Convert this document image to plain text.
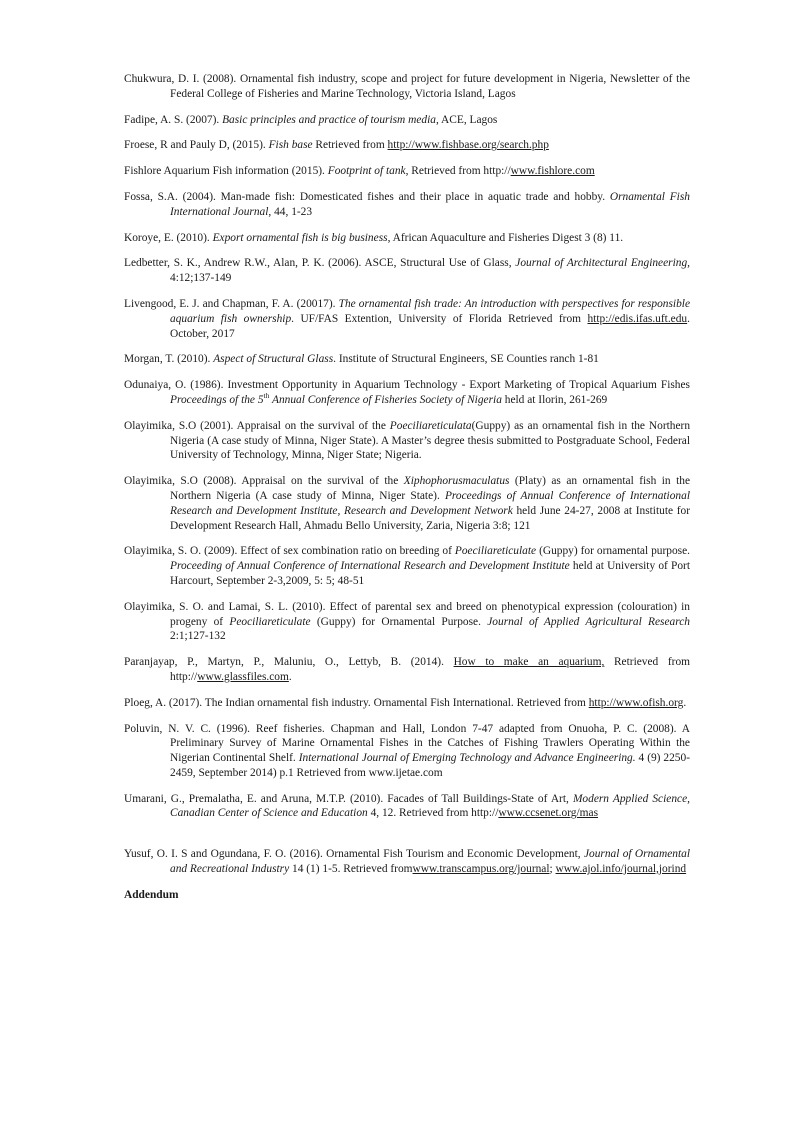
Chukwura, D. I. (2008). Ornamental fish industry, scope and project for future development in Nigeria, Newsletter of the Federal College of Fisheries and Marine Technology, Victoria Island, Lagos

Fadipe, A. S. (2007). Basic principles and practice of tourism media, ACE, Lagos

Froese, R and Pauly D, (2015). Fish base Retrieved from http://www.fishbase.org/search.php

Fishlore Aquarium Fish information (2015). Footprint of tank, Retrieved from http://www.fishlore.com

Fossa, S.A. (2004). Man-made fish: Domesticated fishes and their place in aquatic trade and hobby. Ornamental Fish International Journal, 44, 1-23

Koroye, E. (2010). Export ornamental fish is big business, African Aquaculture and Fisheries Digest 3 (8) 11.

Ledbetter, S. K., Andrew R.W., Alan, P. K. (2006). ASCE, Structural Use of Glass, Journal of Architectural Engineering, 4:12;137-149

Livengood, E. J. and Chapman, F. A. (20017). The ornamental fish trade: An introduction with perspectives for responsible aquarium fish ownership. UF/FAS Extention, University of Florida Retrieved from http://edis.ifas.uft.edu. October, 2017

Morgan, T. (2010). Aspect of Structural Glass. Institute of Structural Engineers, SE Counties ranch 1-81

Odunaiya, O. (1986). Investment Opportunity in Aquarium Technology - Export Marketing of Tropical Aquarium Fishes Proceedings of the 5th Annual Conference of Fisheries Society of Nigeria held at Ilorin, 261-269

Olayimika, S.O (2001). Appraisal on the survival of the Poeciliareticulata(Guppy) as an ornamental fish in the Northern Nigeria (A case study of Minna, Niger State). A Master’s degree thesis submitted to Postgraduate School, Federal University of Technology, Minna, Niger State; Nigeria.

Olayimika, S.O (2008). Appraisal on the survival of the Xiphophorusmaculatus (Platy) as an ornamental fish in the Northern Nigeria (A case study of Minna, Niger State). Proceedings of Annual Conference of International Research and Development Institute, Research and Development Network held June 24-27, 2008 at Institute for Development Research Hall, Ahmadu Bello University, Zaria, Nigeria 3:8; 121

Olayimika, S. O. (2009). Effect of sex combination ratio on breeding of Poeciliareticulate (Guppy) for ornamental purpose. Proceeding of Annual Conference of International Research and Development Institute held at University of Port Harcourt, September 2-3,2009, 5: 5; 48-51

Olayimika, S. O. and Lamai, S. L. (2010). Effect of parental sex and breed on phenotypical expression (colouration) in progeny of Peociliareticulate (Guppy) for Ornamental Purpose. Journal of Applied Agricultural Research 2:1;127-132

Paranjayap, P., Martyn, P., Maluniu, O., Lettyb, B. (2014). How to make an aquarium, Retrieved from http://www.glassfiles.com.

Ploeg, A. (2017). The Indian ornamental fish industry. Ornamental Fish International. Retrieved from http://www.ofish.org.

Poluvin, N. V. C. (1996). Reef fisheries. Chapman and Hall, London 7-47 adapted from Onuoha, P. C. (2008). A Preliminary Survey of Marine Ornamental Fishes in the Catches of Fishing Trawlers Operating Within the Nigerian Continental Shelf. International Journal of Emerging Technology and Advance Engineering. 4 (9) 2250-2459, September 2014) p.1 Retrieved from www.ijetae.com

Umarani, G., Premalatha, E. and Aruna, M.T.P. (2010). Facades of Tall Buildings-State of Art, Modern Applied Science, Canadian Center of Science and Education 4, 12. Retrieved from http://www.ccsenet.org/mas

Yusuf, O. I. S and Ogundana, F. O. (2016). Ornamental Fish Tourism and Economic Development, Journal of Ornamental and Recreational Industry 14 (1) 1-5. Retrieved fromwww.transcampus.org/journal; www.ajol.info/journal,jorind

Addendum
